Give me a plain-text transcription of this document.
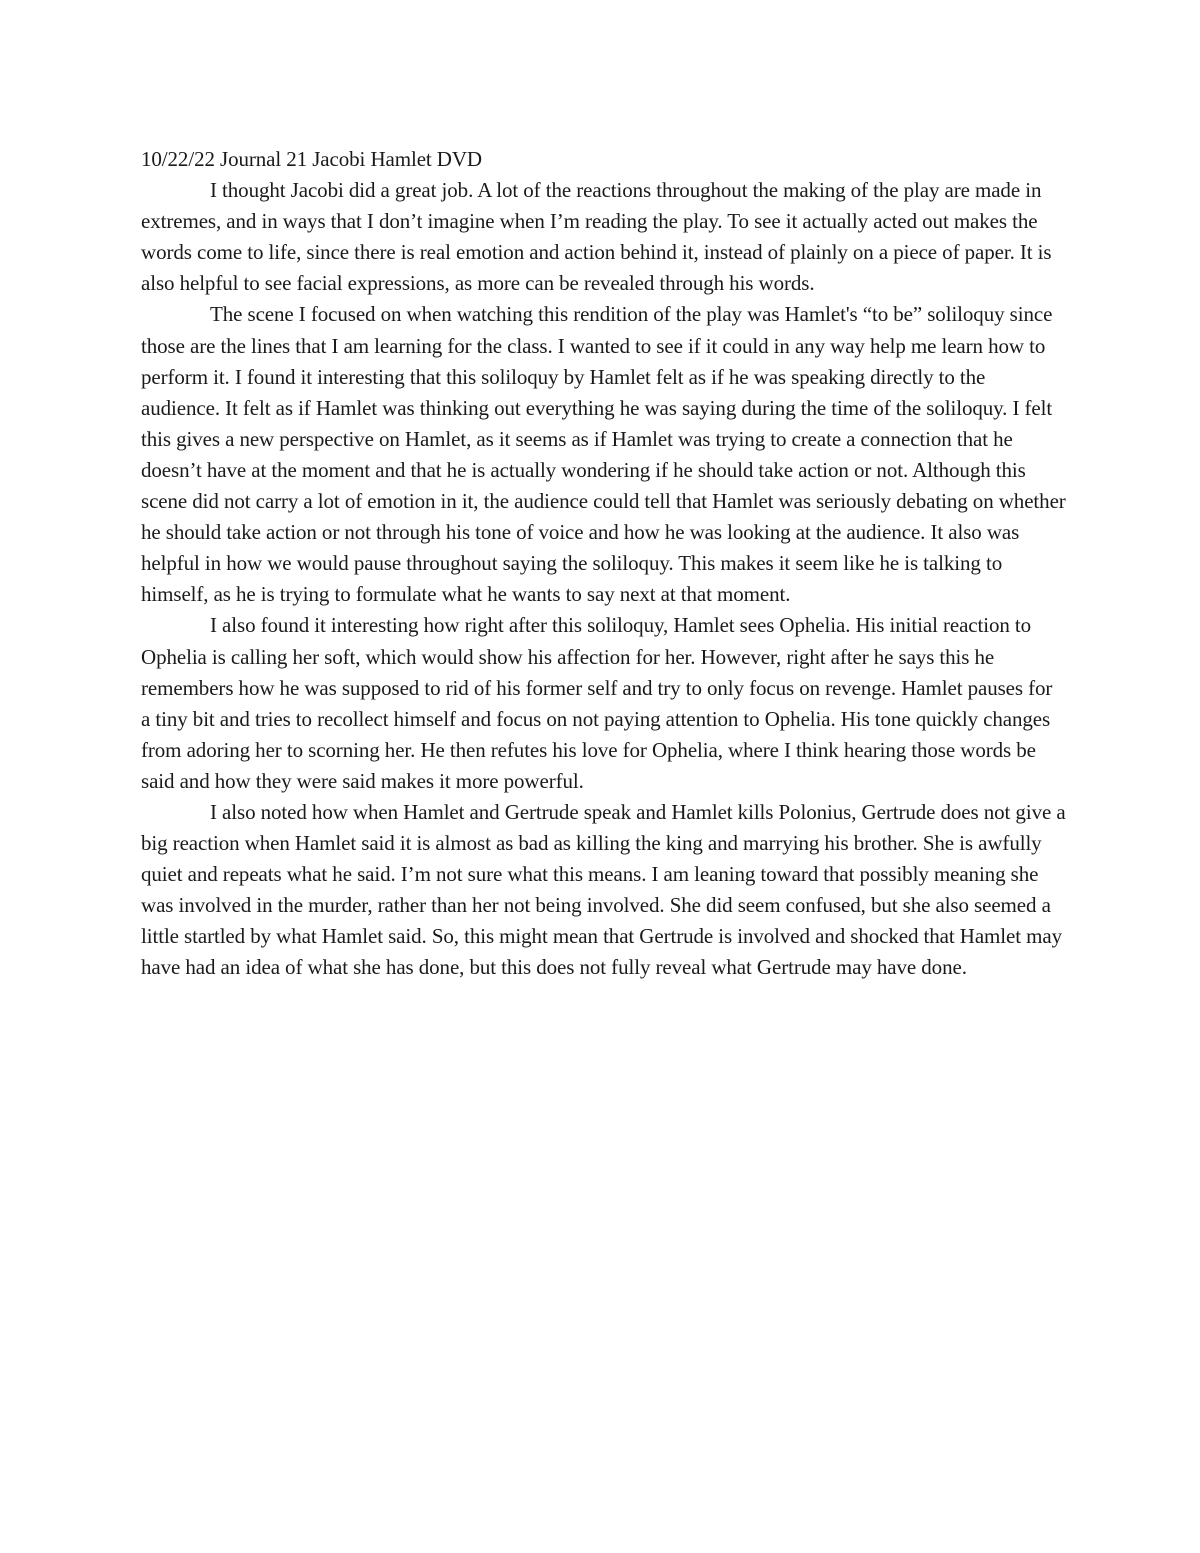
10/22/22 Journal 21 Jacobi Hamlet DVD

I thought Jacobi did a great job. A lot of the reactions throughout the making of the play are made in extremes, and in ways that I don’t imagine when I’m reading the play. To see it actually acted out makes the words come to life, since there is real emotion and action behind it, instead of plainly on a piece of paper. It is also helpful to see facial expressions, as more can be revealed through his words.

The scene I focused on when watching this rendition of the play was Hamlet's “to be” soliloquy since those are the lines that I am learning for the class. I wanted to see if it could in any way help me learn how to perform it. I found it interesting that this soliloquy by Hamlet felt as if he was speaking directly to the audience. It felt as if Hamlet was thinking out everything he was saying during the time of the soliloquy. I felt this gives a new perspective on Hamlet, as it seems as if Hamlet was trying to create a connection that he doesn’t have at the moment and that he is actually wondering if he should take action or not. Although this scene did not carry a lot of emotion in it, the audience could tell that Hamlet was seriously debating on whether he should take action or not through his tone of voice and how he was looking at the audience. It also was helpful in how we would pause throughout saying the soliloquy. This makes it seem like he is talking to himself, as he is trying to formulate what he wants to say next at that moment.

I also found it interesting how right after this soliloquy, Hamlet sees Ophelia. His initial reaction to Ophelia is calling her soft, which would show his affection for her. However, right after he says this he remembers how he was supposed to rid of his former self and try to only focus on revenge. Hamlet pauses for a tiny bit and tries to recollect himself and focus on not paying attention to Ophelia. His tone quickly changes from adoring her to scorning her. He then refutes his love for Ophelia, where I think hearing those words be said and how they were said makes it more powerful.

I also noted how when Hamlet and Gertrude speak and Hamlet kills Polonius, Gertrude does not give a big reaction when Hamlet said it is almost as bad as killing the king and marrying his brother. She is awfully quiet and repeats what he said. I’m not sure what this means. I am leaning toward that possibly meaning she was involved in the murder, rather than her not being involved. She did seem confused, but she also seemed a little startled by what Hamlet said. So, this might mean that Gertrude is involved and shocked that Hamlet may have had an idea of what she has done, but this does not fully reveal what Gertrude may have done.
